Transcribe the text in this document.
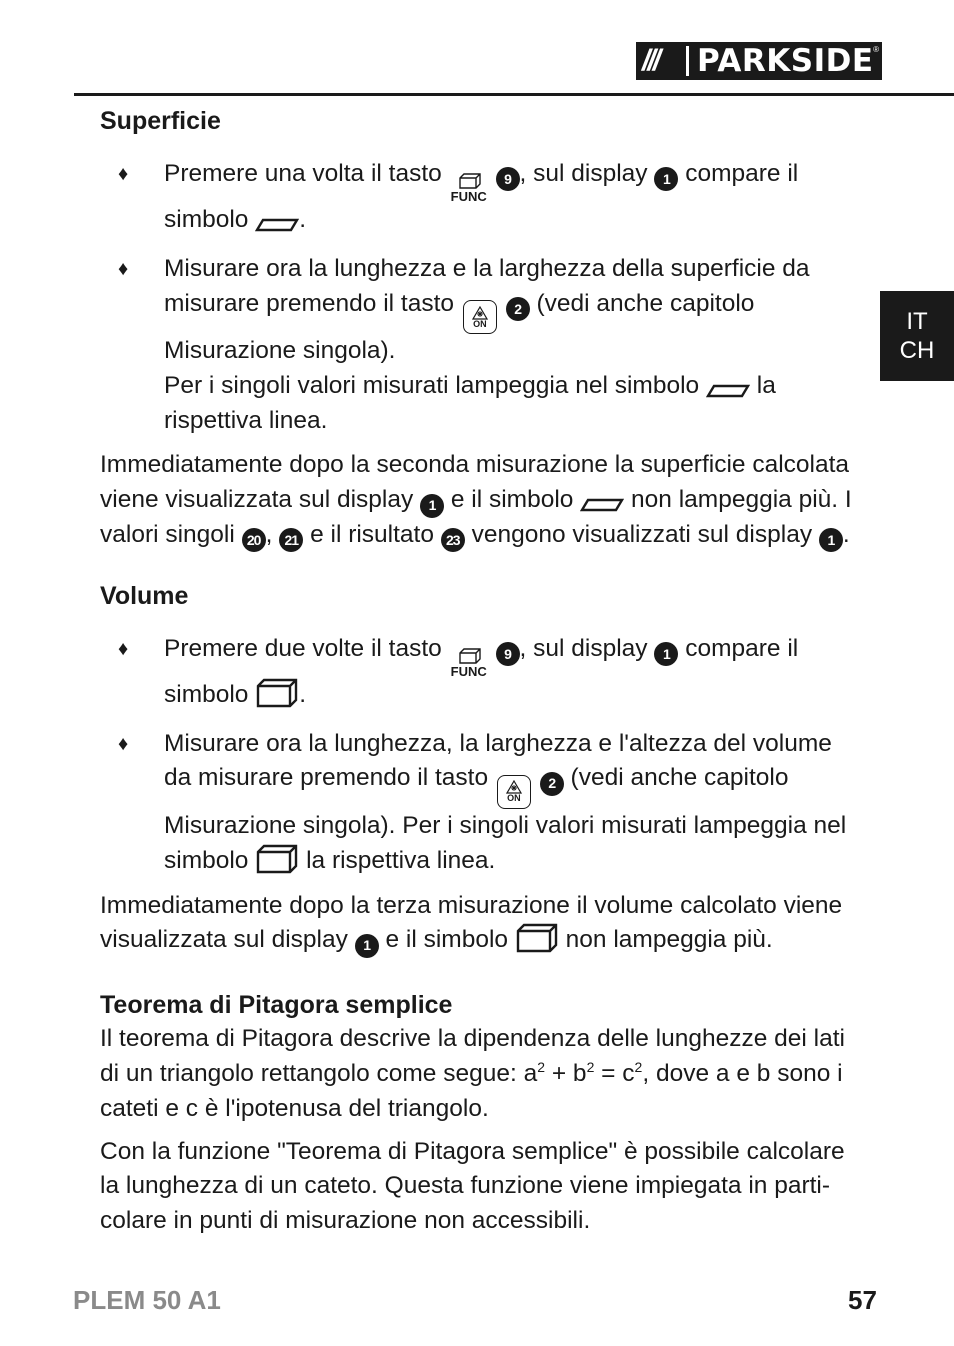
///	PARKSIDE ®
IT
CH
Superficie

♦ Premere una volta il tasto
FUNC
9 , sul display 1 compare il simbolo .

♦ Misurare ora la lunghezza e la larghezza della superficie da misurare premendo il tasto
ON
2 (vedi anche capitolo Misurazione singola).
Per i singoli valori misurati lampeggia nel simbolo la rispettiva linea.

Immediatamente dopo la seconda misurazione la superficie calcolata viene visualizzata sul display 1 e il simbolo non lampeggia più. I valori singoli 20 , 21 e il risultato 23 vengono visualizzati sul display 1 .

Volume

♦ Premere due volte il tasto
FUNC
9 , sul display 1 compare il simbolo .

♦ Misurare ora la lunghezza, la larghezza e l'altezza del volume da misurare premendo il tasto
ON
2 (vedi anche capitolo Misurazione singola). Per i singoli valori misurati lampeggia nel simbolo la rispettiva linea.

Immediatamente dopo la terza misurazione il volume calcolato viene visualizzata sul display 1 e il simbolo non lampeggia più.

Teorema di Pitagora semplice

Il teorema di Pitagora descrive la dipendenza delle lunghezze dei lati di un triangolo rettangolo come segue: $a^2 + b^2 = c^2$, dove a e b sono i cateti e c è l'ipotenusa del triangolo.

Con la funzione "Teorema di Pitagora semplice" è possibile calcolare la lunghezza di un cateto. Questa funzione viene impiegata in parti-colare in punti di misurazione non accessibili.

PLEM 50 A1	57
